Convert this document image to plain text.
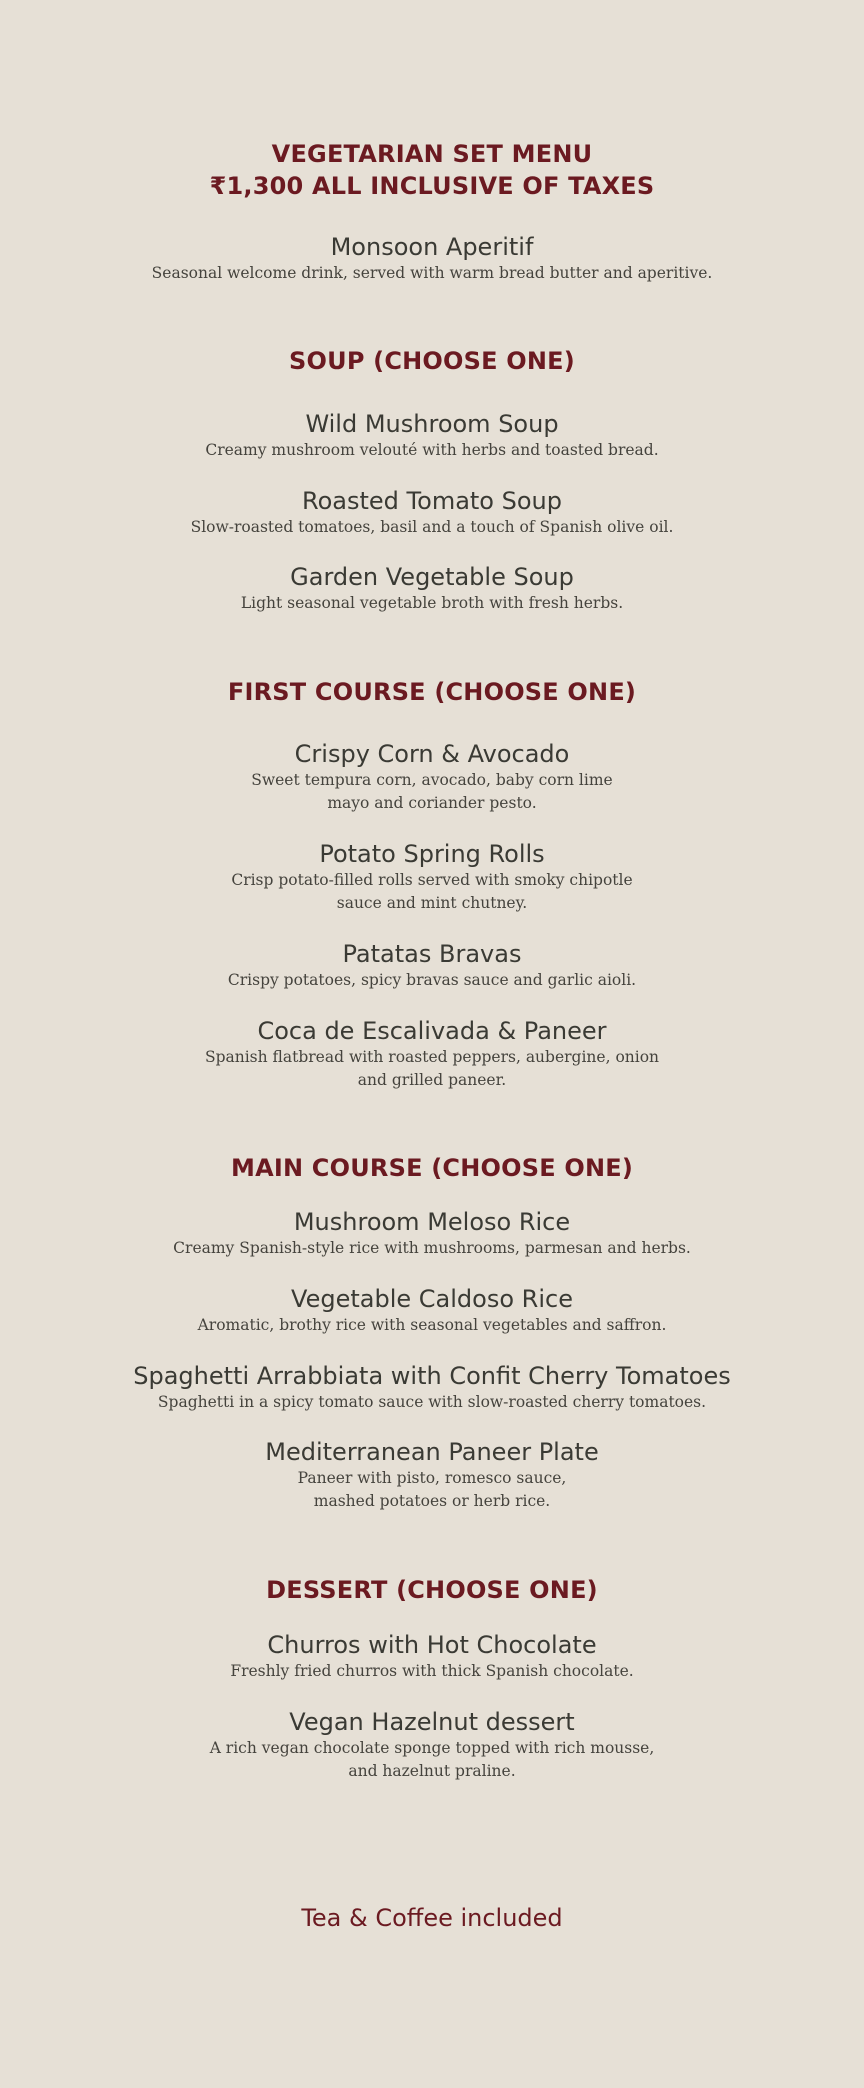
VEGETARIAN SET MENU
₹1,300 ALL INCLUSIVE OF TAXES
Monsoon Aperitif
Seasonal welcome drink, served with warm bread butter and aperitive.
SOUP (CHOOSE ONE)
Wild Mushroom Soup
Creamy mushroom velouté with herbs and toasted bread.
Roasted Tomato Soup
Slow-roasted tomatoes, basil and a touch of Spanish olive oil.
Garden Vegetable Soup
Light seasonal vegetable broth with fresh herbs.
FIRST COURSE (CHOOSE ONE)
Crispy Corn & Avocado
Sweet tempura corn, avocado, baby corn lime
mayo and coriander pesto.
Potato Spring Rolls
Crisp potato-filled rolls served with smoky chipotle
sauce and mint chutney.
Patatas Bravas
Crispy potatoes, spicy bravas sauce and garlic aioli.
Coca de Escalivada & Paneer
Spanish flatbread with roasted peppers, aubergine, onion
and grilled paneer.
MAIN COURSE (CHOOSE ONE)
Mushroom Meloso Rice
Creamy Spanish-style rice with mushrooms, parmesan and herbs.
Vegetable Caldoso Rice
Aromatic, brothy rice with seasonal vegetables and saffron.
Spaghetti Arrabbiata with Confit Cherry Tomatoes
Spaghetti in a spicy tomato sauce with slow-roasted cherry tomatoes.
Mediterranean Paneer Plate
Paneer with pisto, romesco sauce,
mashed potatoes or herb rice.
DESSERT (CHOOSE ONE)
Churros with Hot Chocolate
Freshly fried churros with thick Spanish chocolate.
Vegan Hazelnut dessert
A rich vegan chocolate sponge topped with rich mousse,
and hazelnut praline.
Tea & Coffee included
